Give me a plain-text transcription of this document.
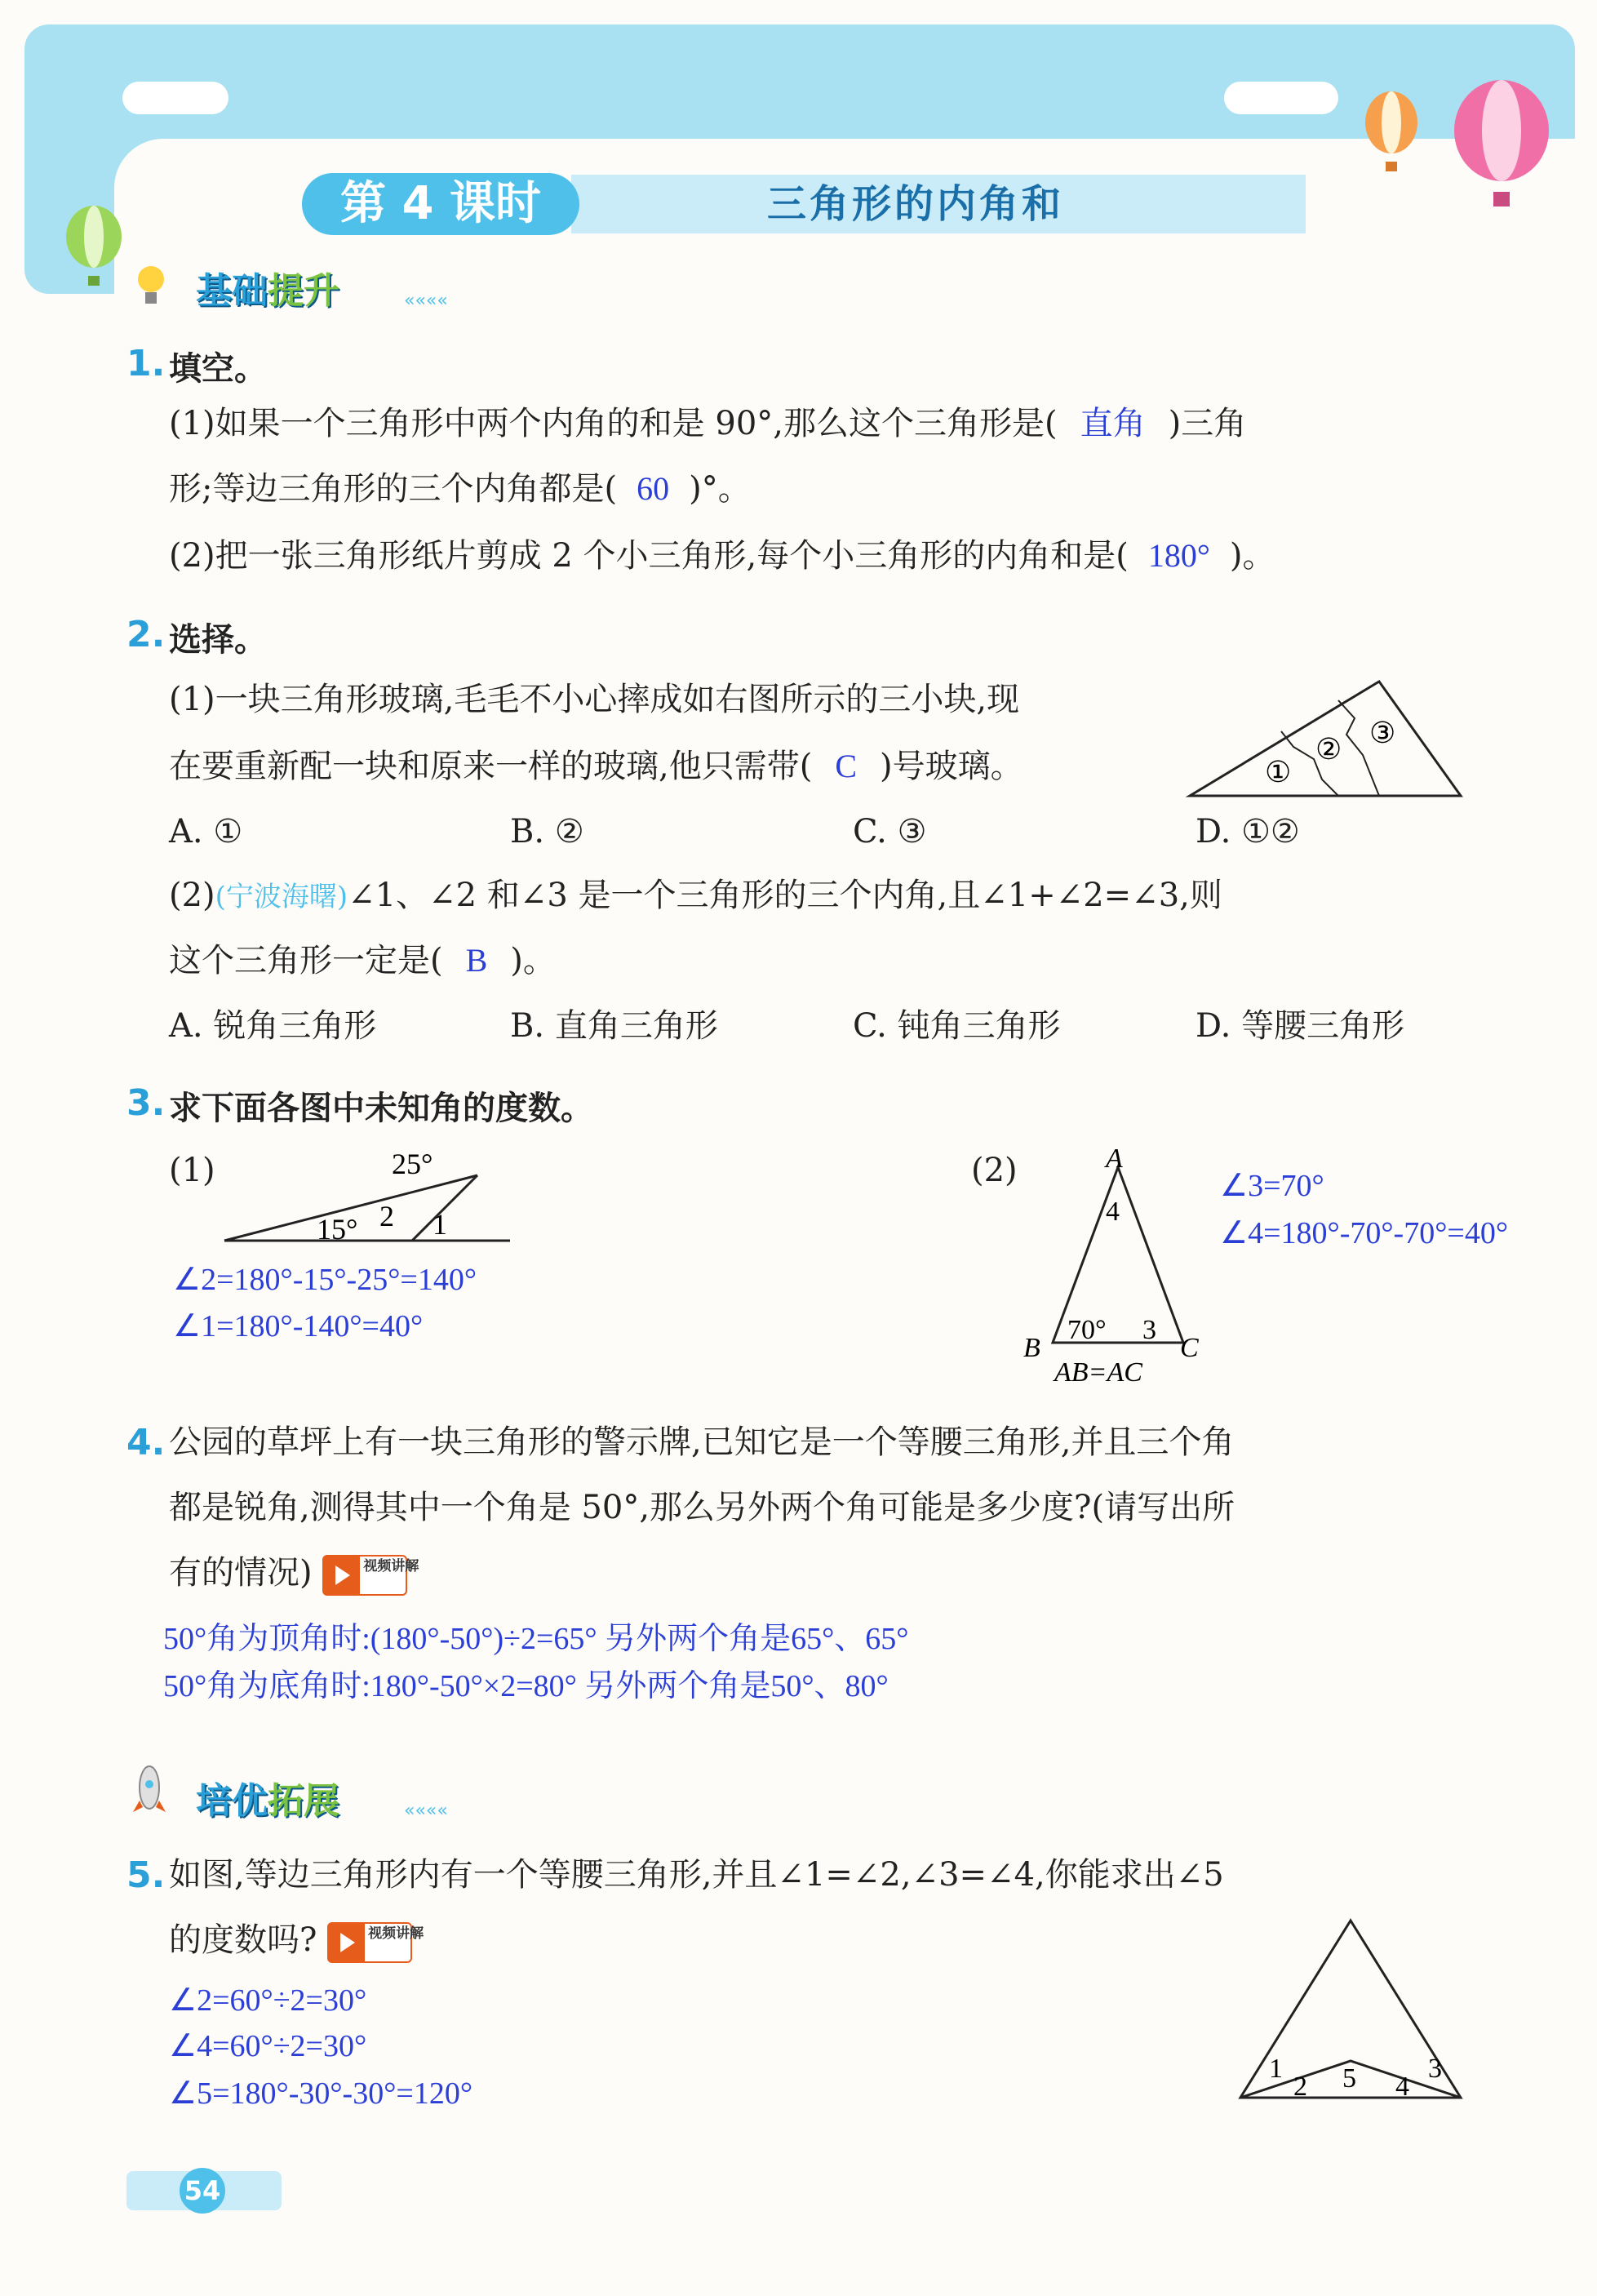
第 4 课时	三角形的内角和
基础提升	««««
1. 填空。
(1)如果一个三角形中两个内角的和是 90°,那么这个三角形是( 直角 )三角
形;等边三角形的三个内角都是( 60 )°。
(2)把一张三角形纸片剪成 2 个小三角形,每个小三角形的内角和是( 180° )。
2. 选择。
(1)一块三角形玻璃,毛毛不小心摔成如右图所示的三小块,现
在要重新配一块和原来一样的玻璃,他只需带( C )号玻璃。	①
② ③
A. ①	B. ②	C. ③	D. ①②
(2)(宁波海曙)∠1、∠2 和∠3 是一个三角形的三个内角,且∠1+∠2=∠3,则
这个三角形一定是( B )。
A. 锐角三角形	B. 直角三角形	C. 钝角三角形	D. 等腰三角形
3. 求下面各图中未知角的度数。
(1)	25°
15° 2 1
∠2=180°-15°-25°=140°
∠1=180°-140°=40°
(2)	A
4
B
70° 3
C
AB=AC
∠3=70°
∠4=180°-70°-70°=40°
4. 公园的草坪上有一块三角形的警示牌,已知它是一个等腰三角形,并且三个角
都是锐角,测得其中一个角是 50°,那么另外两个角可能是多少度?(请写出所
有的情况)	视频讲解
50°角为顶角时:(180°-50°)÷2=65° 另外两个角是65°、65°
50°角为底角时:180°-50°×2=80° 另外两个角是50°、80°
培优拓展	««««
5. 如图,等边三角形内有一个等腰三角形,并且∠1=∠2,∠3=∠4,你能求出∠5
的度数吗?	视频讲解
∠2=60°÷2=30°
∠4=60°÷2=30°
∠5=180°-30°-30°=120°
1
2 5	3
4
54
